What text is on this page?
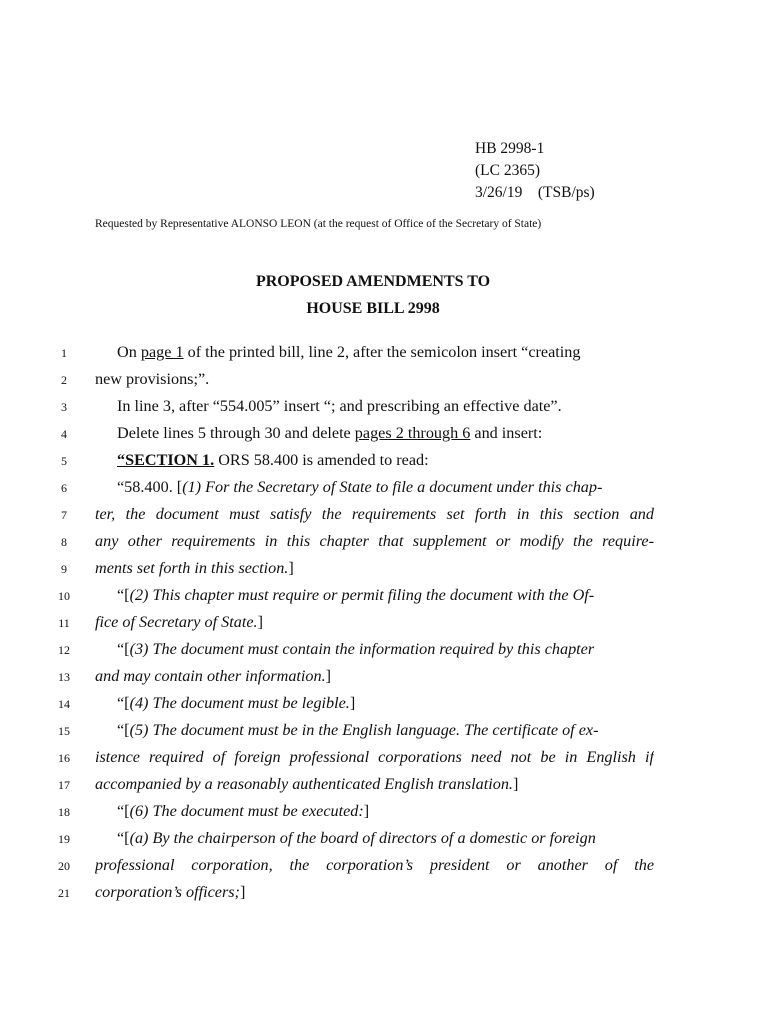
HB 2998-1
(LC 2365)
3/26/19 (TSB/ps)
Requested by Representative ALONSO LEON (at the request of Office of the Secretary of State)
PROPOSED AMENDMENTS TO
HOUSE BILL 2998
1	On page 1 of the printed bill, line 2, after the semicolon insert “creating
2	new provisions;”.
3	In line 3, after “554.005” insert “; and prescribing an effective date”.
4	Delete lines 5 through 30 and delete pages 2 through 6 and insert:
5	“SECTION 1. ORS 58.400 is amended to read:
6	“58.400. [(1) For the Secretary of State to file a document under this chap-
7	ter, the document must satisfy the requirements set forth in this section and
8	any other requirements in this chapter that supplement or modify the require-
9	ments set forth in this section.]
10	“[(2) This chapter must require or permit filing the document with the Of-
11	fice of Secretary of State.]
12	“[(3) The document must contain the information required by this chapter
13	and may contain other information.]
14	“[(4) The document must be legible.]
15	“[(5) The document must be in the English language. The certificate of ex-
16	istence required of foreign professional corporations need not be in English if
17	accompanied by a reasonably authenticated English translation.]
18	“[(6) The document must be executed:]
19	“[(a) By the chairperson of the board of directors of a domestic or foreign
20	professional corporation, the corporation’s president or another of the
21	corporation’s officers;]
